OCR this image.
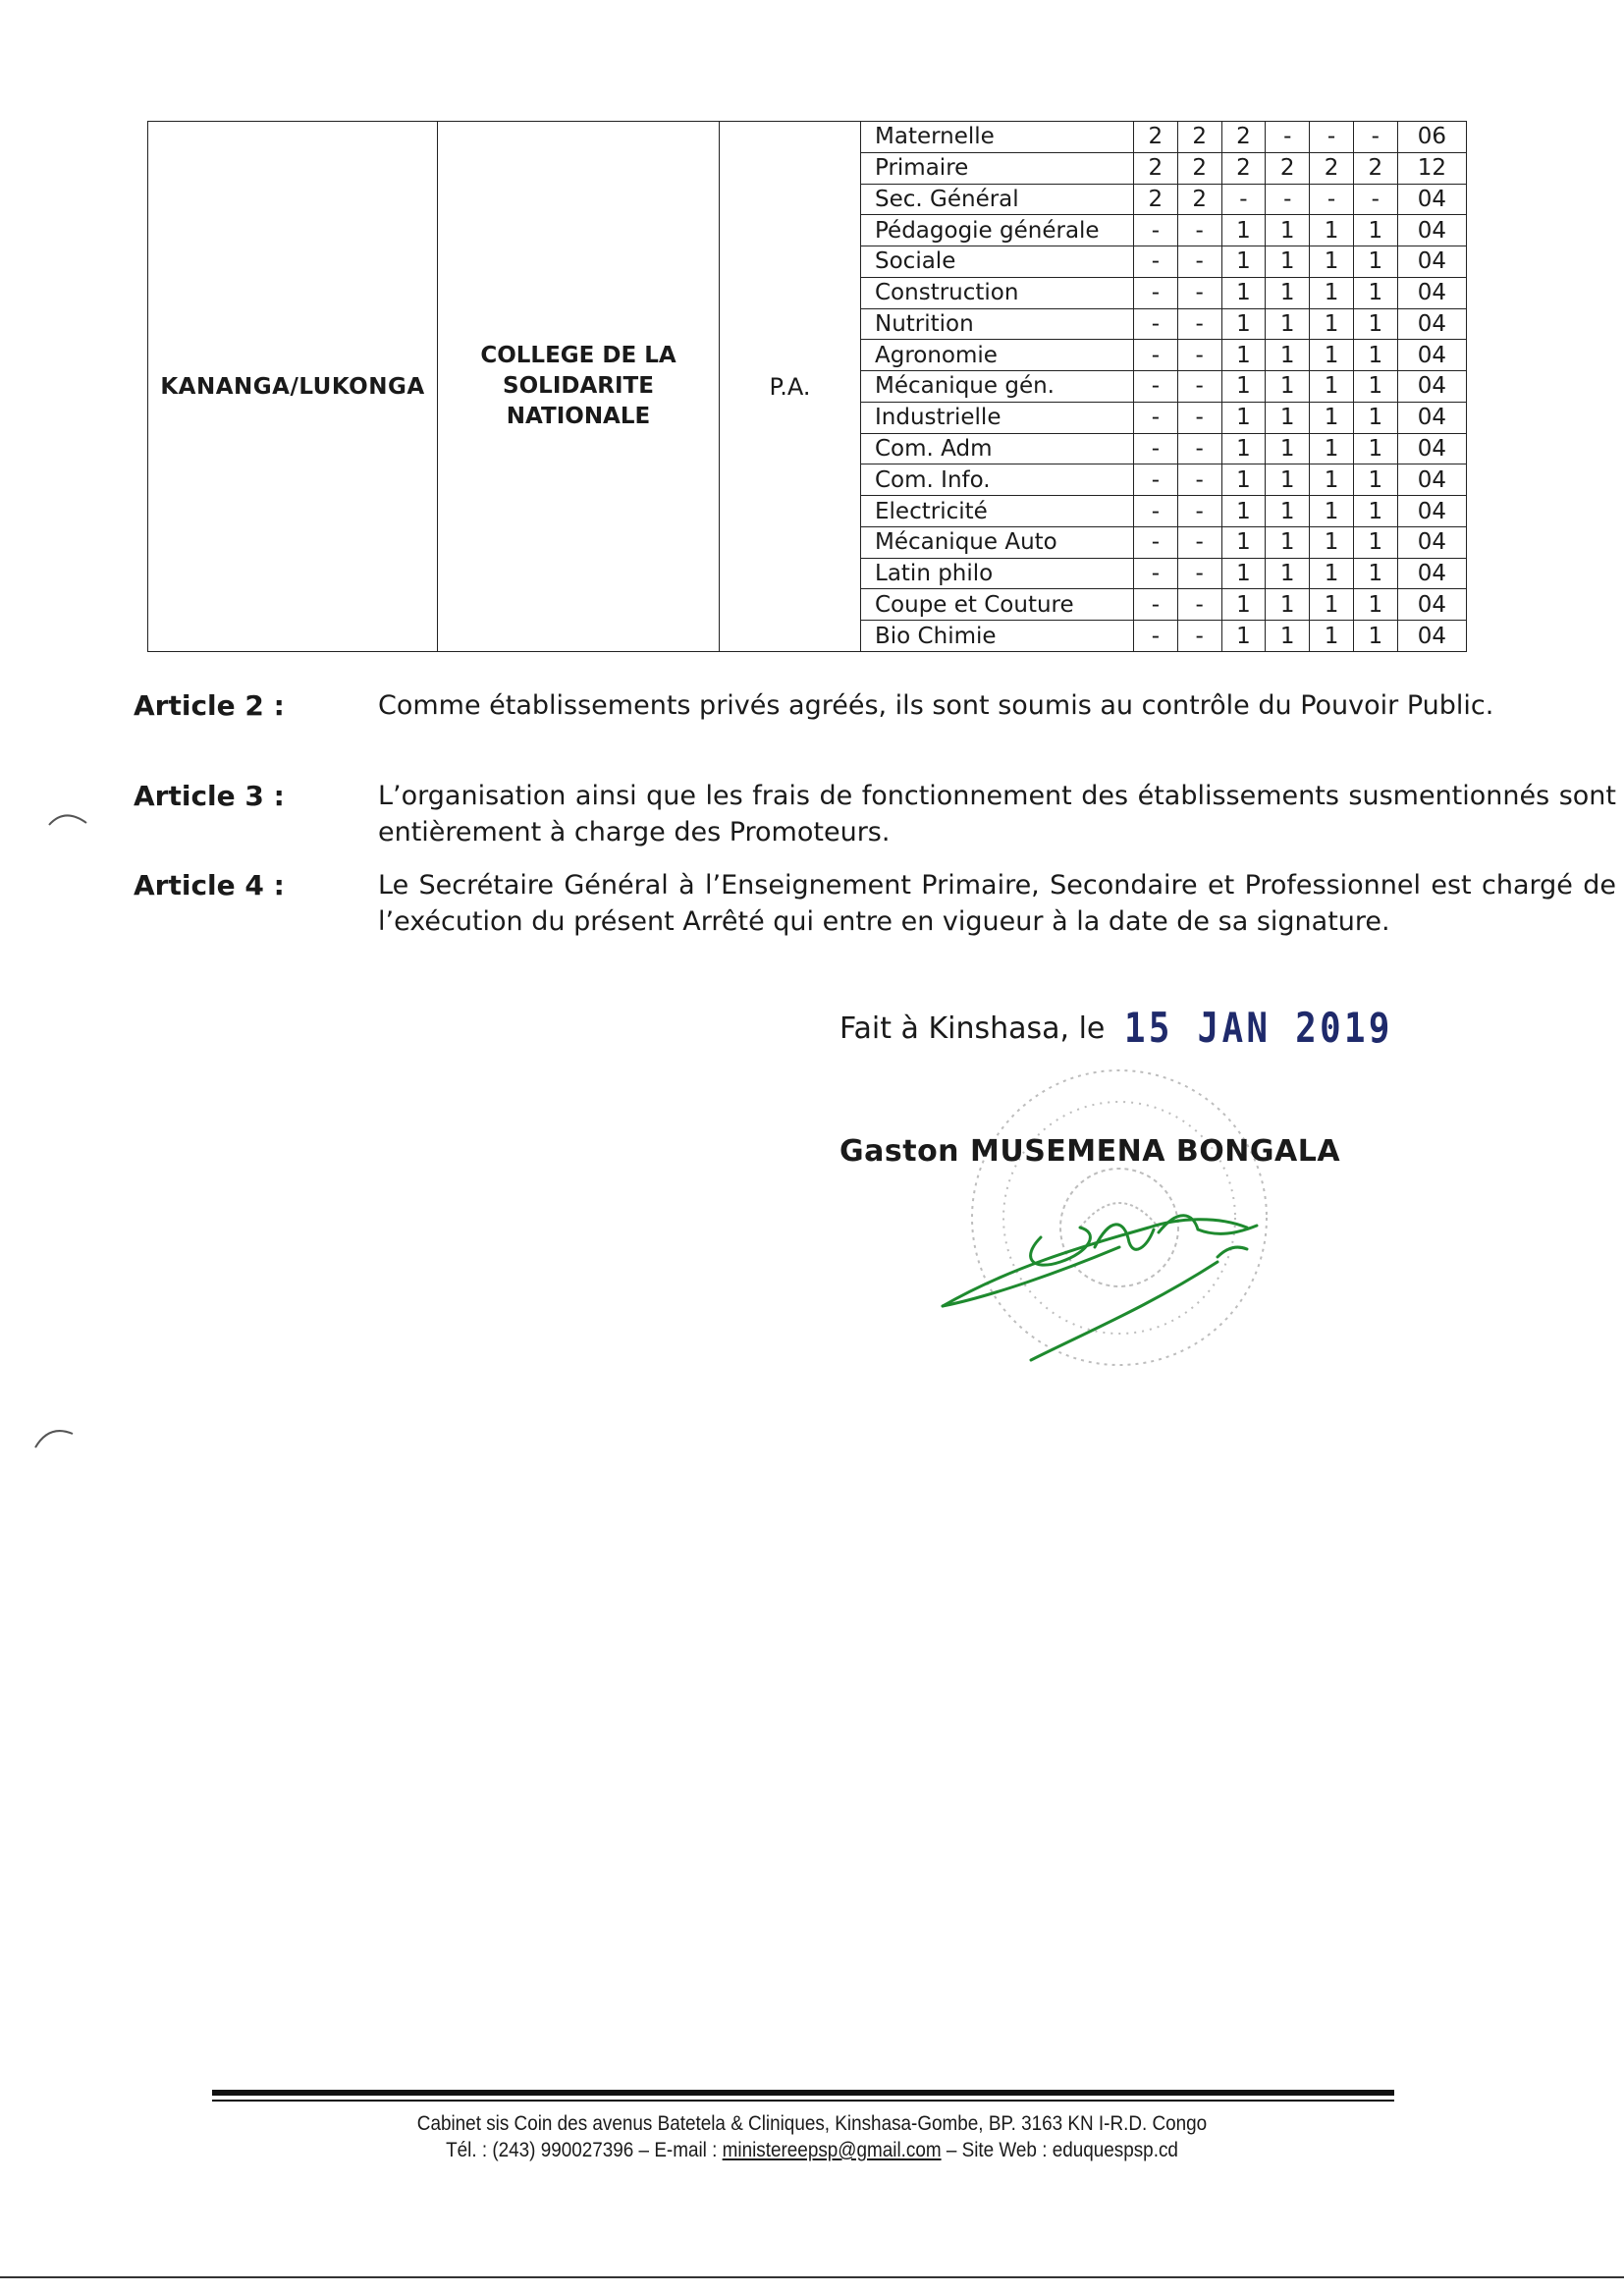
KANANGA/LUKONGA	
COLLEGE DE LA
SOLIDARITE
NATIONALE
	P.A.	
Maternelle	2	2	2	-	-	-	06
Primaire	2	2	2	2	2	2	12
Sec. Général	2	2	-	-	-	-	04
Pédagogie générale	-	-	1	1	1	1	04
Sociale	-	-	1	1	1	1	04
Construction	-	-	1	1	1	1	04
Nutrition	-	-	1	1	1	1	04
Agronomie	-	-	1	1	1	1	04
Mécanique gén.	-	-	1	1	1	1	04
Industrielle	-	-	1	1	1	1	04
Com. Adm	-	-	1	1	1	1	04
Com. Info.	-	-	1	1	1	1	04
Electricité	-	-	1	1	1	1	04
Mécanique Auto	-	-	1	1	1	1	04
Latin philo	-	-	1	1	1	1	04
Coupe et Couture	-	-	1	1	1	1	04
Bio Chimie	-	-	1	1	1	1	04
Article 2 :	Comme établissements privés agréés, ils sont soumis au contrôle du Pouvoir Public.
Article 3 :	L’organisation ainsi que les frais de fonctionnement des établissements susmentionnés sont entièrement à charge des Promoteurs.
Article 4 :	Le Secrétaire Général à l’Enseignement Primaire, Secondaire et Professionnel est chargé de l’exécution du présent Arrêté qui entre en vigueur à la date de sa signature.
Fait à Kinshasa, le 15 JAN 2019
Gaston MUSEMENA BONGALA
Cabinet sis Coin des avenus Batetela & Cliniques, Kinshasa-Gombe, BP. 3163 KN I-R.D. Congo
Tél. : (243) 990027396 – E-mail : ministereepsp@gmail.com – Site Web : eduquespsp.cd
